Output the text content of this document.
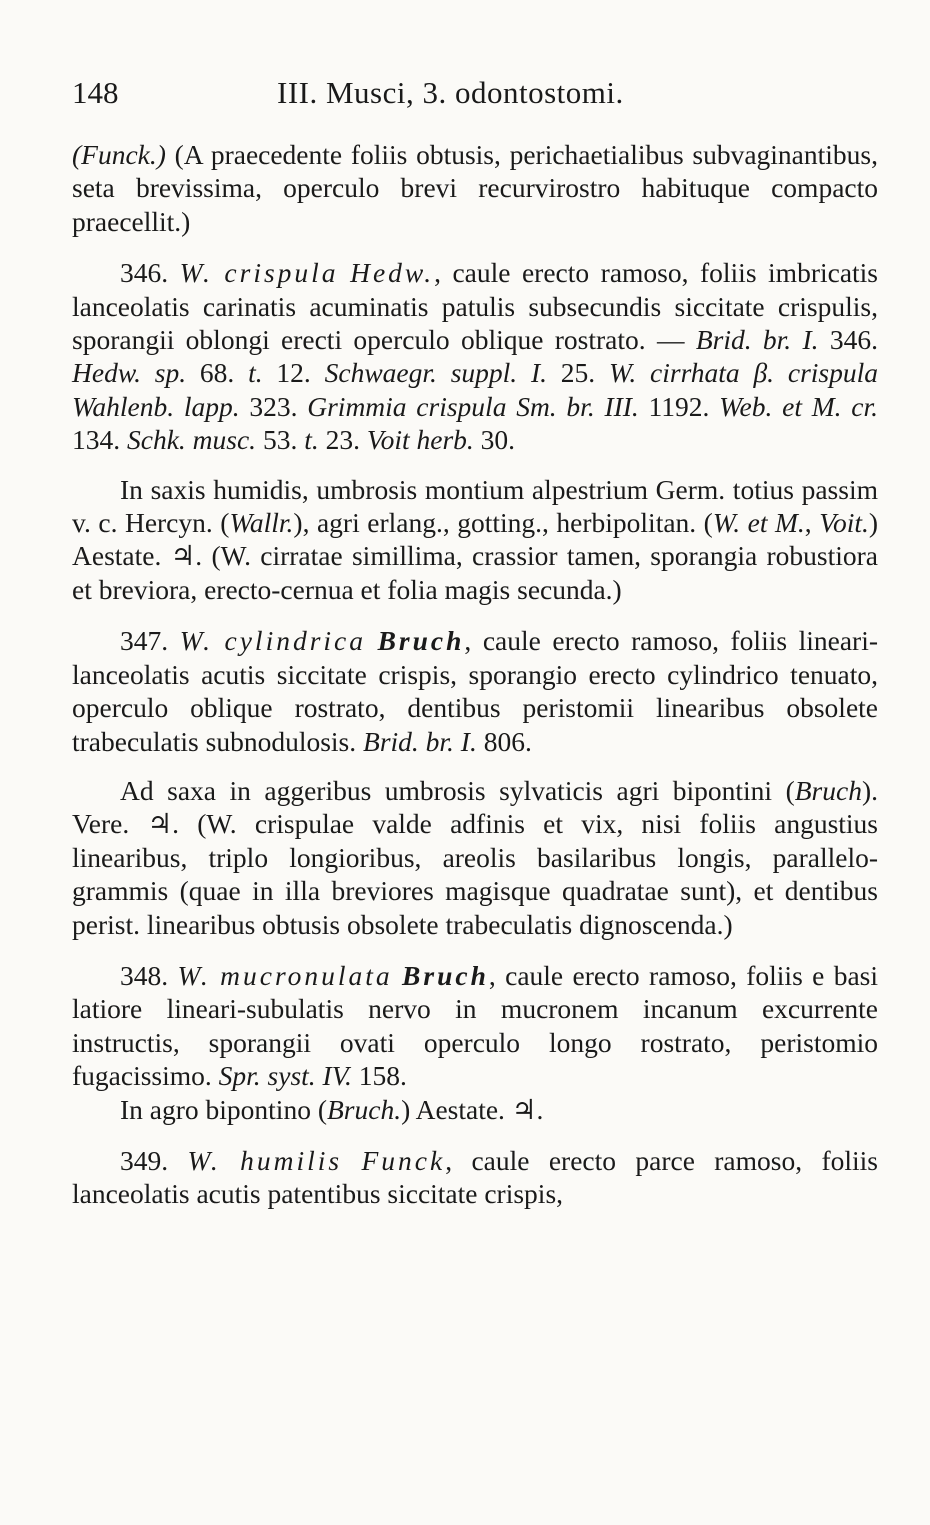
148	III. Musci, 3. odontostomi.

(Funck.) (A praecedente foliis obtusis, perichaetialibus subvaginantibus, seta brevissima, operculo brevi recurvirostro habituque compacto praecellit.)

346. W. crispula Hedw., caule erecto ramoso, foliis imbricatis lanceolatis carinatis acuminatis patulis subsecundis siccitate crispulis, sporangii oblongi erecti operculo oblique rostrato. — Brid. br. I. 346. Hedw. sp. 68. t. 12. Schwaegr. suppl. I. 25. W. cirrhata β. crispula Wahlenb. lapp. 323. Grimmia crispula Sm. br. III. 1192. Web. et M. cr. 134. Schk. musc. 53. t. 23. Voit herb. 30.

In saxis humidis, umbrosis montium alpestrium Germ. totius passim v. c. Hercyn. (Wallr.), agri erlang., gotting., herbipolitan. (W. et M., Voit.) Aestate. ♃. (W. cirratae simillima, crassior tamen, sporangia robustiora et breviora, erecto-cernua et folia magis secunda.)

347. W. cylindrica Bruch, caule erecto ramoso, foliis lineari-lanceolatis acutis siccitate crispis, sporangio erecto cylindrico tenuato, operculo oblique rostrato, dentibus peristomii linearibus obsolete trabeculatis subnodulosis. Brid. br. I. 806.

Ad saxa in aggeribus umbrosis sylvaticis agri bipontini (Bruch). Vere. ♃. (W. crispulae valde adfinis et vix, nisi foliis angustius linearibus, triplo longioribus, areolis basilaribus longis, parallelo-grammis (quae in illa breviores magisque quadratae sunt), et dentibus perist. linearibus obtusis obsolete trabeculatis dignoscenda.)

348. W. mucronulata Bruch, caule erecto ramoso, foliis e basi latiore lineari-subulatis nervo in mucronem incanum excurrente instructis, sporangii ovati operculo longo rostrato, peristomio fugacissimo. Spr. syst. IV. 158.

In agro bipontino (Bruch.) Aestate. ♃.

349. W. humilis Funck, caule erecto parce ramoso, foliis lanceolatis acutis patentibus siccitate crispis,
